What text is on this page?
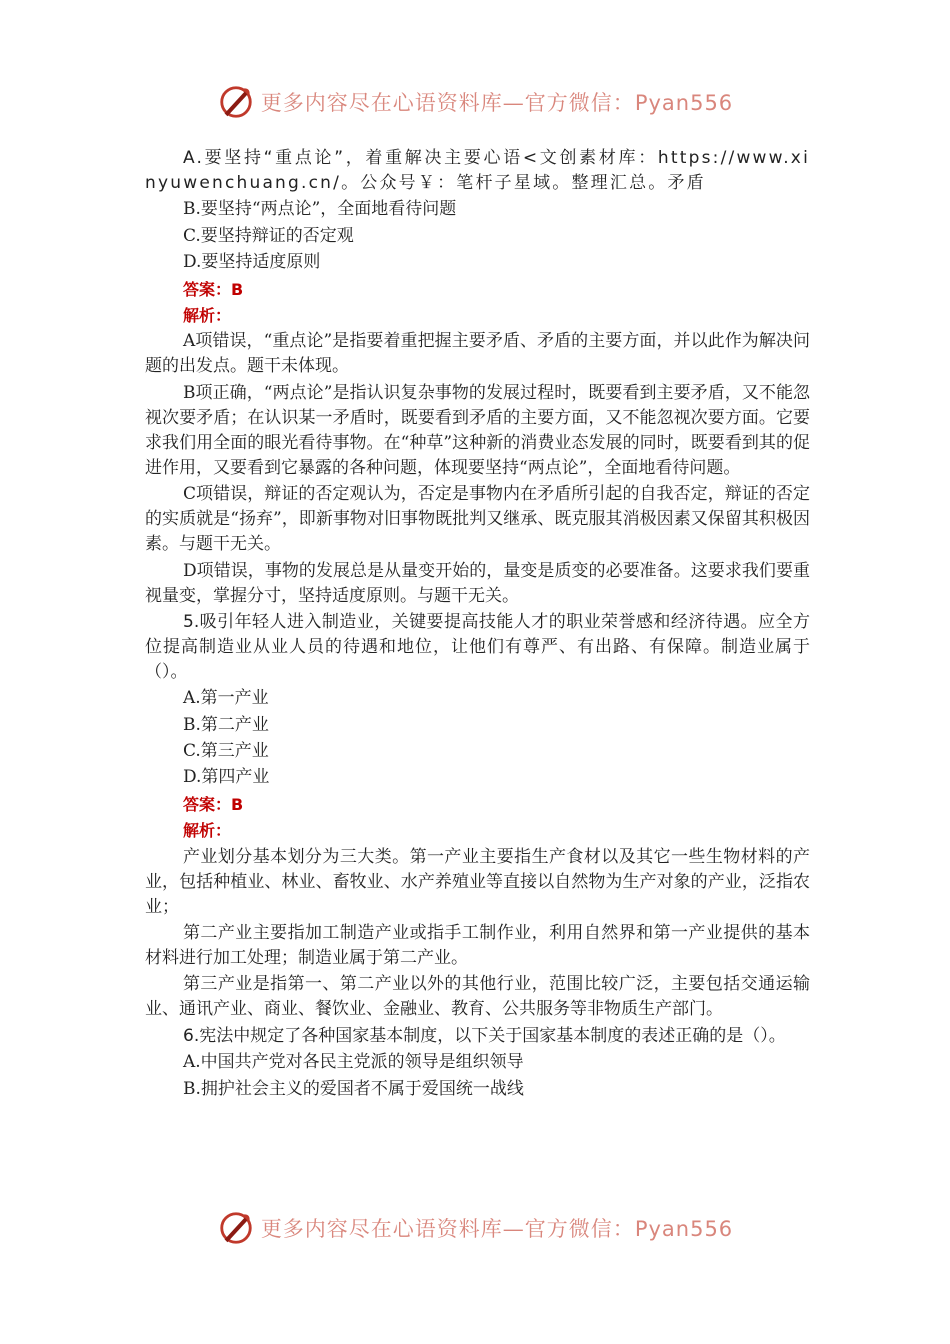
更多内容尽在心语资料库—官方微信：Pyan556

A.要坚持“重点论”，着重解决主要心语<文创素材库：https://www.xinyuwenchuang.cn/。公众号￥：笔杆子星域。整理汇总。矛盾

B.要坚持“两点论”，全面地看待问题

C.要坚持辩证的否定观

D.要坚持适度原则

答案：B

解析：

A项错误，“重点论”是指要着重把握主要矛盾、矛盾的主要方面，并以此作为解决问题的出发点。题干未体现。

B项正确，“两点论”是指认识复杂事物的发展过程时，既要看到主要矛盾，又不能忽视次要矛盾；在认识某一矛盾时，既要看到矛盾的主要方面，又不能忽视次要方面。它要求我们用全面的眼光看待事物。在“种草”这种新的消费业态发展的同时，既要看到其的促进作用，又要看到它暴露的各种问题，体现要坚持“两点论”，全面地看待问题。

C项错误，辩证的否定观认为，否定是事物内在矛盾所引起的自我否定，辩证的否定的实质就是“扬弃”，即新事物对旧事物既批判又继承、既克服其消极因素又保留其积极因素。与题干无关。

D项错误，事物的发展总是从量变开始的，量变是质变的必要准备。这要求我们要重视量变，掌握分寸，坚持适度原则。与题干无关。

5.吸引年轻人进入制造业，关键要提高技能人才的职业荣誉感和经济待遇。应全方位提高制造业从业人员的待遇和地位，让他们有尊严、有出路、有保障。制造业属于（）。

A.第一产业

B.第二产业

C.第三产业

D.第四产业

答案：B

解析：

产业划分基本划分为三大类。第一产业主要指生产食材以及其它一些生物材料的产业，包括种植业、林业、畜牧业、水产养殖业等直接以自然物为生产对象的产业，泛指农业；

第二产业主要指加工制造产业或指手工制作业，利用自然界和第一产业提供的基本材料进行加工处理；制造业属于第二产业。

第三产业是指第一、第二产业以外的其他行业，范围比较广泛，主要包括交通运输业、通讯产业、商业、餐饮业、金融业、教育、公共服务等非物质生产部门。

6.宪法中规定了各种国家基本制度，以下关于国家基本制度的表述正确的是（）。

A.中国共产党对各民主党派的领导是组织领导

B.拥护社会主义的爱国者不属于爱国统一战线

更多内容尽在心语资料库—官方微信：Pyan556
